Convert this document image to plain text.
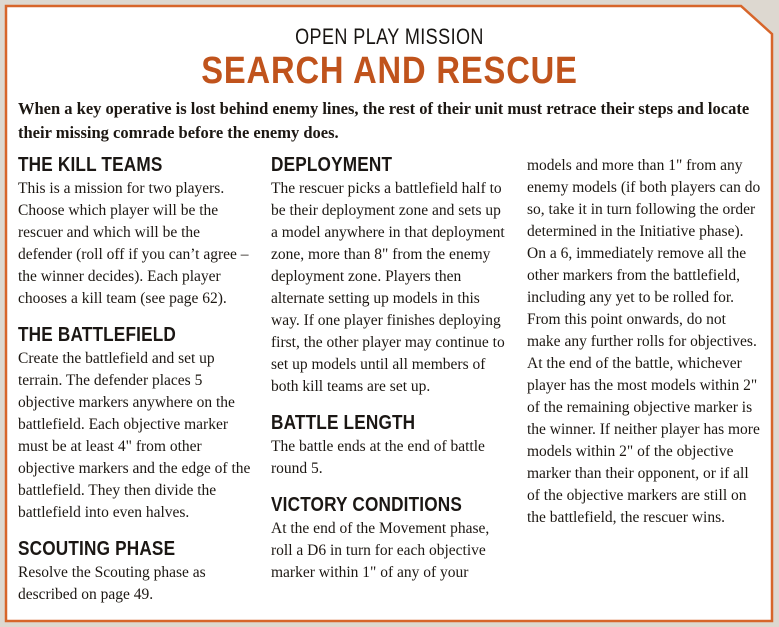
OPEN PLAY MISSION
SEARCH AND RESCUE
When a key operative is lost behind enemy lines, the rest of their unit must retrace their steps and locate their missing comrade before the enemy does.
THE KILL TEAMS

This is a mission for two players. Choose which player will be the rescuer and which will be the defender (roll off if you can’t agree – the winner decides). Each player chooses a kill team (see page 62).

THE BATTLEFIELD

Create the battlefield and set up terrain. The defender places 5 objective markers anywhere on the battlefield. Each objective marker must be at least 4" from other objective markers and the edge of the battlefield. They then divide the battlefield into even halves.

SCOUTING PHASE

Resolve the Scouting phase as described on page 49.

DEPLOYMENT

The rescuer picks a battlefield half to be their deployment zone and sets up a model anywhere in that deployment zone, more than 8" from the enemy deployment zone. Players then alternate setting up models in this way. If one player finishes deploying first, the other player may continue to set up models until all members of both kill teams are set up.

BATTLE LENGTH

The battle ends at the end of battle round 5.

VICTORY CONDITIONS

At the end of the Movement phase, roll a D6 in turn for each objective marker within 1" of any of your

models and more than 1" from any enemy models (if both players can do so, take it in turn following the order determined in the Initiative phase). On a 6, immediately remove all the other markers from the battlefield, including any yet to be rolled for. From this point onwards, do not make any further rolls for objectives. At the end of the battle, whichever player has the most models within 2" of the remaining objective marker is the winner. If neither player has more models within 2" of the objective marker than their opponent, or if all of the objective markers are still on the battlefield, the rescuer wins.
